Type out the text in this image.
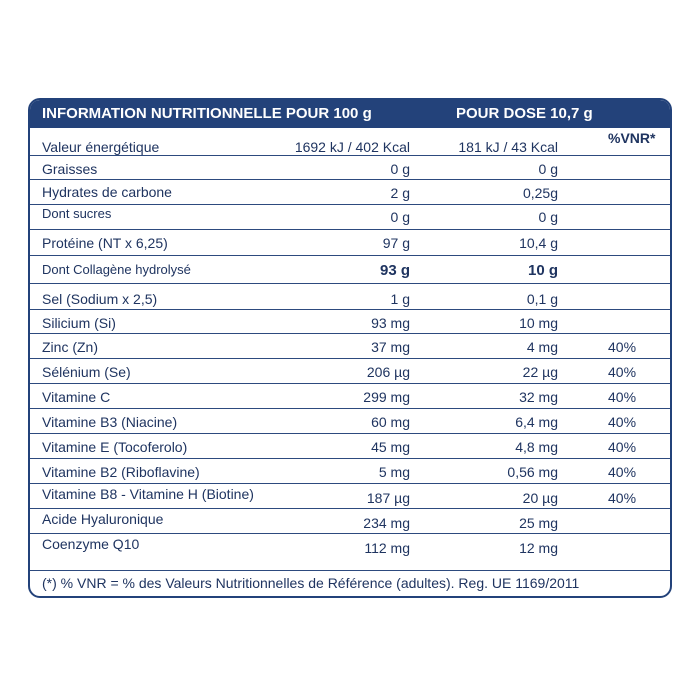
INFORMATION NUTRITIONNELLE POUR 100 g	POUR DOSE 10,7 g
Valeur énergétique	1692 kJ / 402 Kcal	181 kJ / 43 Kcal
%VNR*
Graisses	0 g	0 g
Hydrates de carbone	2 g	0,25g
Dont sucres	0 g	0 g
Protéine (NT x 6,25)	97 g	10,4 g
Dont Collagène hydrolysé	93 g	10 g
Sel (Sodium x 2,5)	1 g	0,1 g
Silicium (Si)	93 mg	10 mg
Zinc (Zn)	37 mg	4 mg	40%
Sélénium (Se)	206 µg	22 µg	40%
Vitamine C	299 mg	32 mg	40%
Vitamine B3 (Niacine)	60 mg	6,4 mg	40%
Vitamine E (Tocoferolo)	45 mg	4,8 mg	40%
Vitamine B2 (Riboflavine)	5 mg	0,56 mg	40%
Vitamine B8 - Vitamine H (Biotine)	187 µg	20 µg	40%
Acide Hyaluronique	234 mg	25 mg
Coenzyme Q10	112 mg	12 mg
(*) % VNR = % des Valeurs Nutritionnelles de Référence (adultes). Reg. UE 1169/2011
